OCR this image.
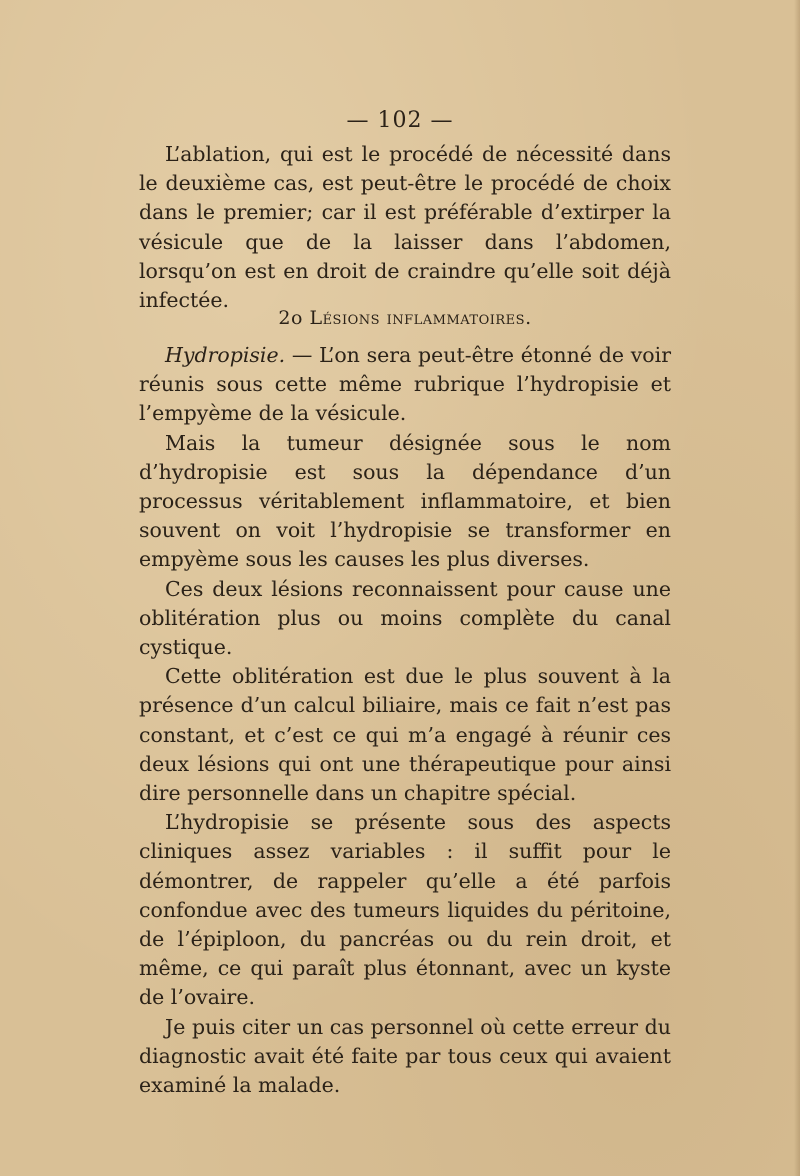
— 102 —

L’ablation, qui est le procédé de nécessité dans le deuxième cas, est peut-être le procédé de choix dans le premier; car il est préférable d’extirper la vésicule que de la laisser dans l’abdomen, lorsqu’on est en droit de craindre qu’elle soit déjà infectée.

2o Lésions inflammatoires.

Hydropisie. — L’on sera peut-être étonné de voir réunis sous cette même rubrique l’hydropisie et l’empyème de la vésicule.

Mais la tumeur désignée sous le nom d’hydropisie est sous la dépendance d’un processus véritablement inflammatoire, et bien souvent on voit l’hydropisie se transformer en empyème sous les causes les plus diverses.

Ces deux lésions reconnaissent pour cause une oblitération plus ou moins complète du canal cystique.

Cette oblitération est due le plus souvent à la présence d’un calcul biliaire, mais ce fait n’est pas constant, et c’est ce qui m’a engagé à réunir ces deux lésions qui ont une thérapeutique pour ainsi dire personnelle dans un chapitre spécial.

L’hydropisie se présente sous des aspects cliniques assez variables : il suffit pour le démontrer, de rappeler qu’elle a été parfois confondue avec des tumeurs liquides du péritoine, de l’épiploon, du pancréas ou du rein droit, et même, ce qui paraît plus étonnant, avec un kyste de l’ovaire.

Je puis citer un cas personnel où cette erreur du diagnostic avait été faite par tous ceux qui avaient examiné la malade.
